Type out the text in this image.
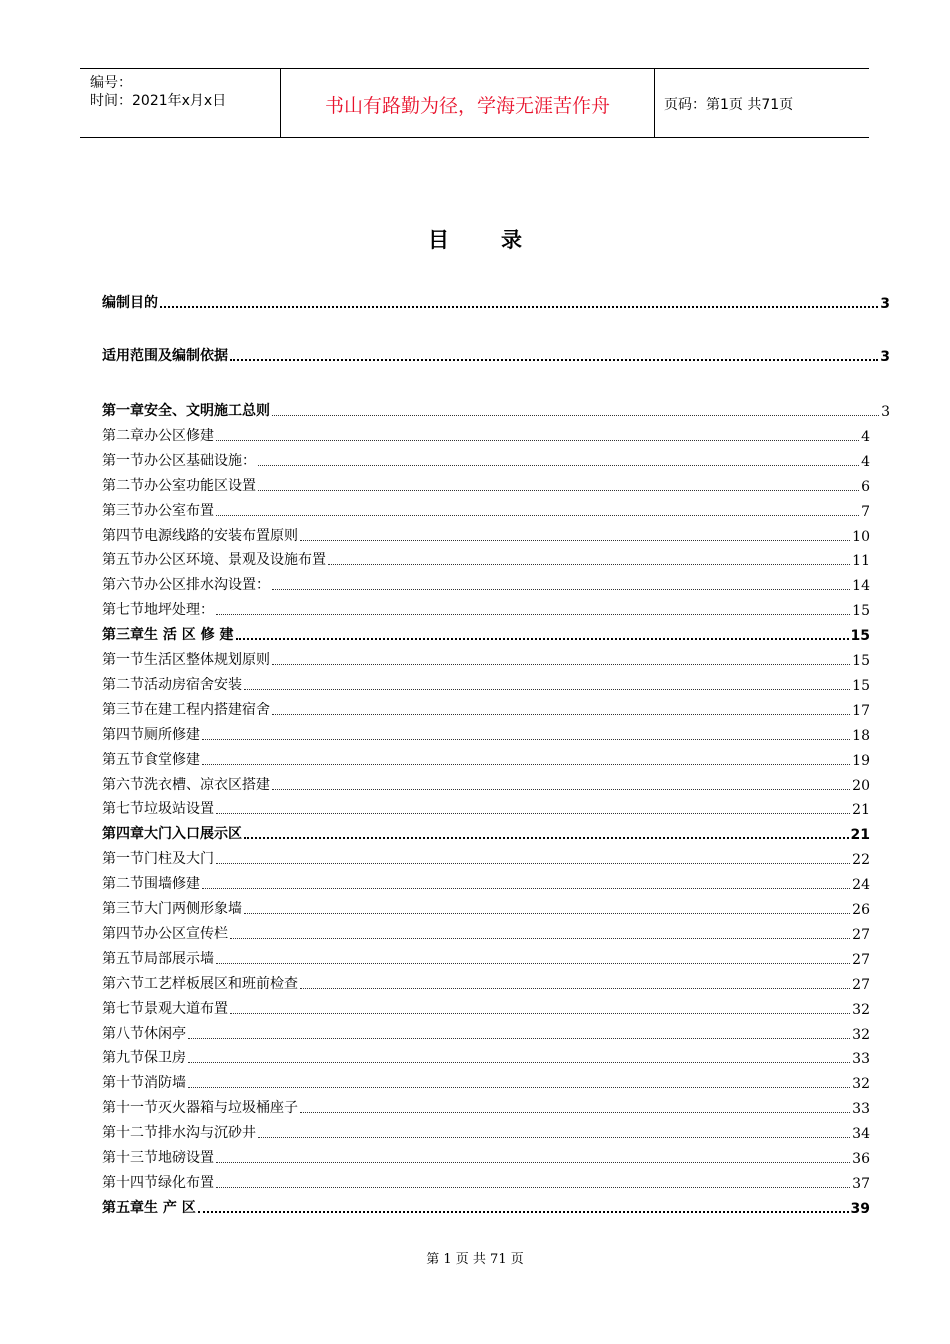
编号：
时间：2021年x月x日	书山有路勤为径，学海无涯苦作舟	页码：第1页 共71页
目 录
编制目的	3
适用范围及编制依据	3
第一章安全、文明施工总则	3
第二章办公区修建	4
第一节办公区基础设施：	4
第二节办公室功能区设置	6
第三节办公室布置	7
第四节电源线路的安装布置原则	10
第五节办公区环境、景观及设施布置	11
第六节办公区排水沟设置：	14
第七节地坪处理：	15
第三章生 活 区 修 建	15
第一节生活区整体规划原则	15
第二节活动房宿舍安装	15
第三节在建工程内搭建宿舍	17
第四节厕所修建	18
第五节食堂修建	19
第六节洗衣槽、凉衣区搭建	20
第七节垃圾站设置	21
第四章大门入口展示区	21
第一节门柱及大门	22
第二节围墙修建	24
第三节大门两侧形象墙	26
第四节办公区宣传栏	27
第五节局部展示墙	27
第六节工艺样板展区和班前检查	27
第七节景观大道布置	32
第八节休闲亭	32
第九节保卫房	33
第十节消防墙	32
第十一节灭火器箱与垃圾桶座子	33
第十二节排水沟与沉砂井	34
第十三节地磅设置	36
第十四节绿化布置	37
第五章生 产 区	39
第 1 页 共 71 页
